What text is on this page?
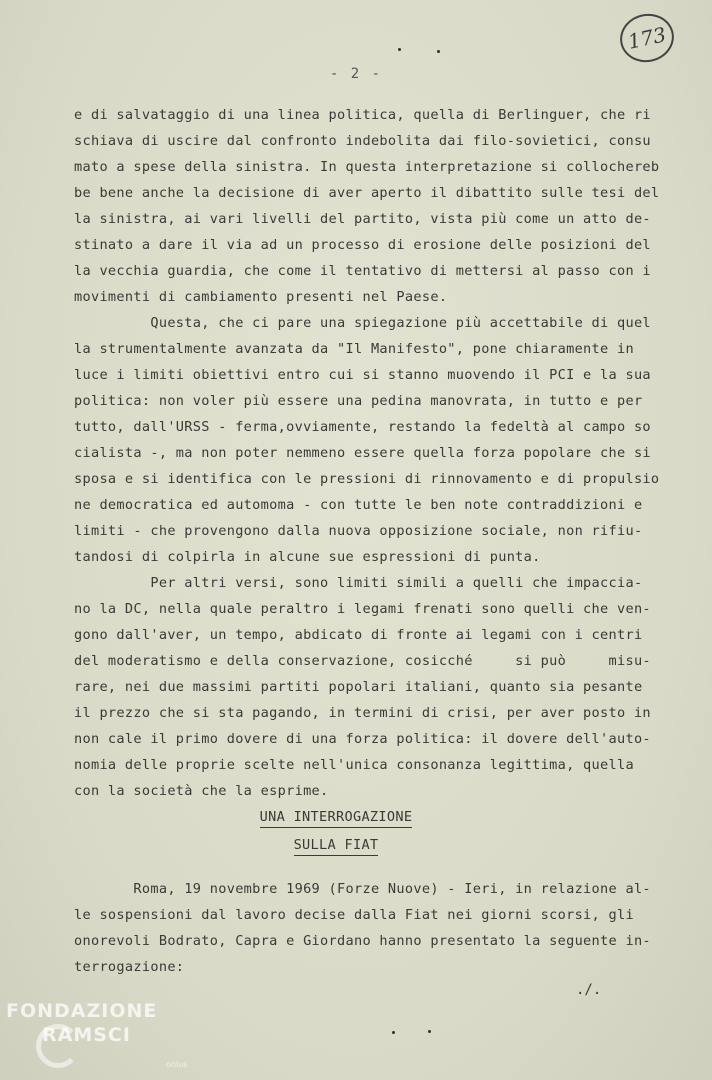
173
- 2 -
e di salvataggio di una linea politica, quella di Berlinguer, che ri
schiava di uscire dal confronto indebolita dai filo-sovietici, consu
mato a spese della sinistra. In questa interpretazione si collochereb
be bene anche la decisione di aver aperto il dibattito sulle tesi del
la sinistra, ai vari livelli del partito, vista più come un atto de-
stinato a dare il via ad un processo di erosione delle posizioni del
la vecchia guardia, che come il tentativo di mettersi al passo con i
movimenti di cambiamento presenti nel Paese.
Questa, che ci pare una spiegazione più accettabile di quel
la strumentalmente avanzata da "Il Manifesto", pone chiaramente in
luce i limiti obiettivi entro cui si stanno muovendo il PCI e la sua
politica: non voler più essere una pedina manovrata, in tutto e per
tutto, dall'URSS - ferma,ovviamente, restando la fedeltà al campo so
cialista -, ma non poter nemmeno essere quella forza popolare che si
sposa e si identifica con le pressioni di rinnovamento e di propulsio
ne democratica ed automoma - con tutte le ben note contraddizioni e
limiti - che provengono dalla nuova opposizione sociale, non rifiu-
tandosi di colpirla in alcune sue espressioni di punta.
Per altri versi, sono limiti simili a quelli che impaccia-
no la DC, nella quale peraltro i legami frenati sono quelli che ven-
gono dall'aver, un tempo, abdicato di fronte ai legami con i centri
del moderatismo e della conservazione, cosicché     si può     misu-
rare, nei due massimi partiti popolari italiani, quanto sia pesante
il prezzo che si sta pagando, in termini di crisi, per aver posto in
non cale il primo dovere di una forza politica: il dovere dell'auto-
nomia delle proprie scelte nell'unica consonanza legittima, quella
con la società che la esprime.
UNA INTERROGAZIONE
SULLA FIAT
Roma, 19 novembre 1969 (Forze Nuove) - Ieri, in relazione al-
le sospensioni dal lavoro decise dalla Fiat nei giorni scorsi, gli
onorevoli Bodrato, Capra e Giordano hanno presentato la seguente in-
terrogazione:
./.
FONDAZIONE
RAMSCI
onlus
